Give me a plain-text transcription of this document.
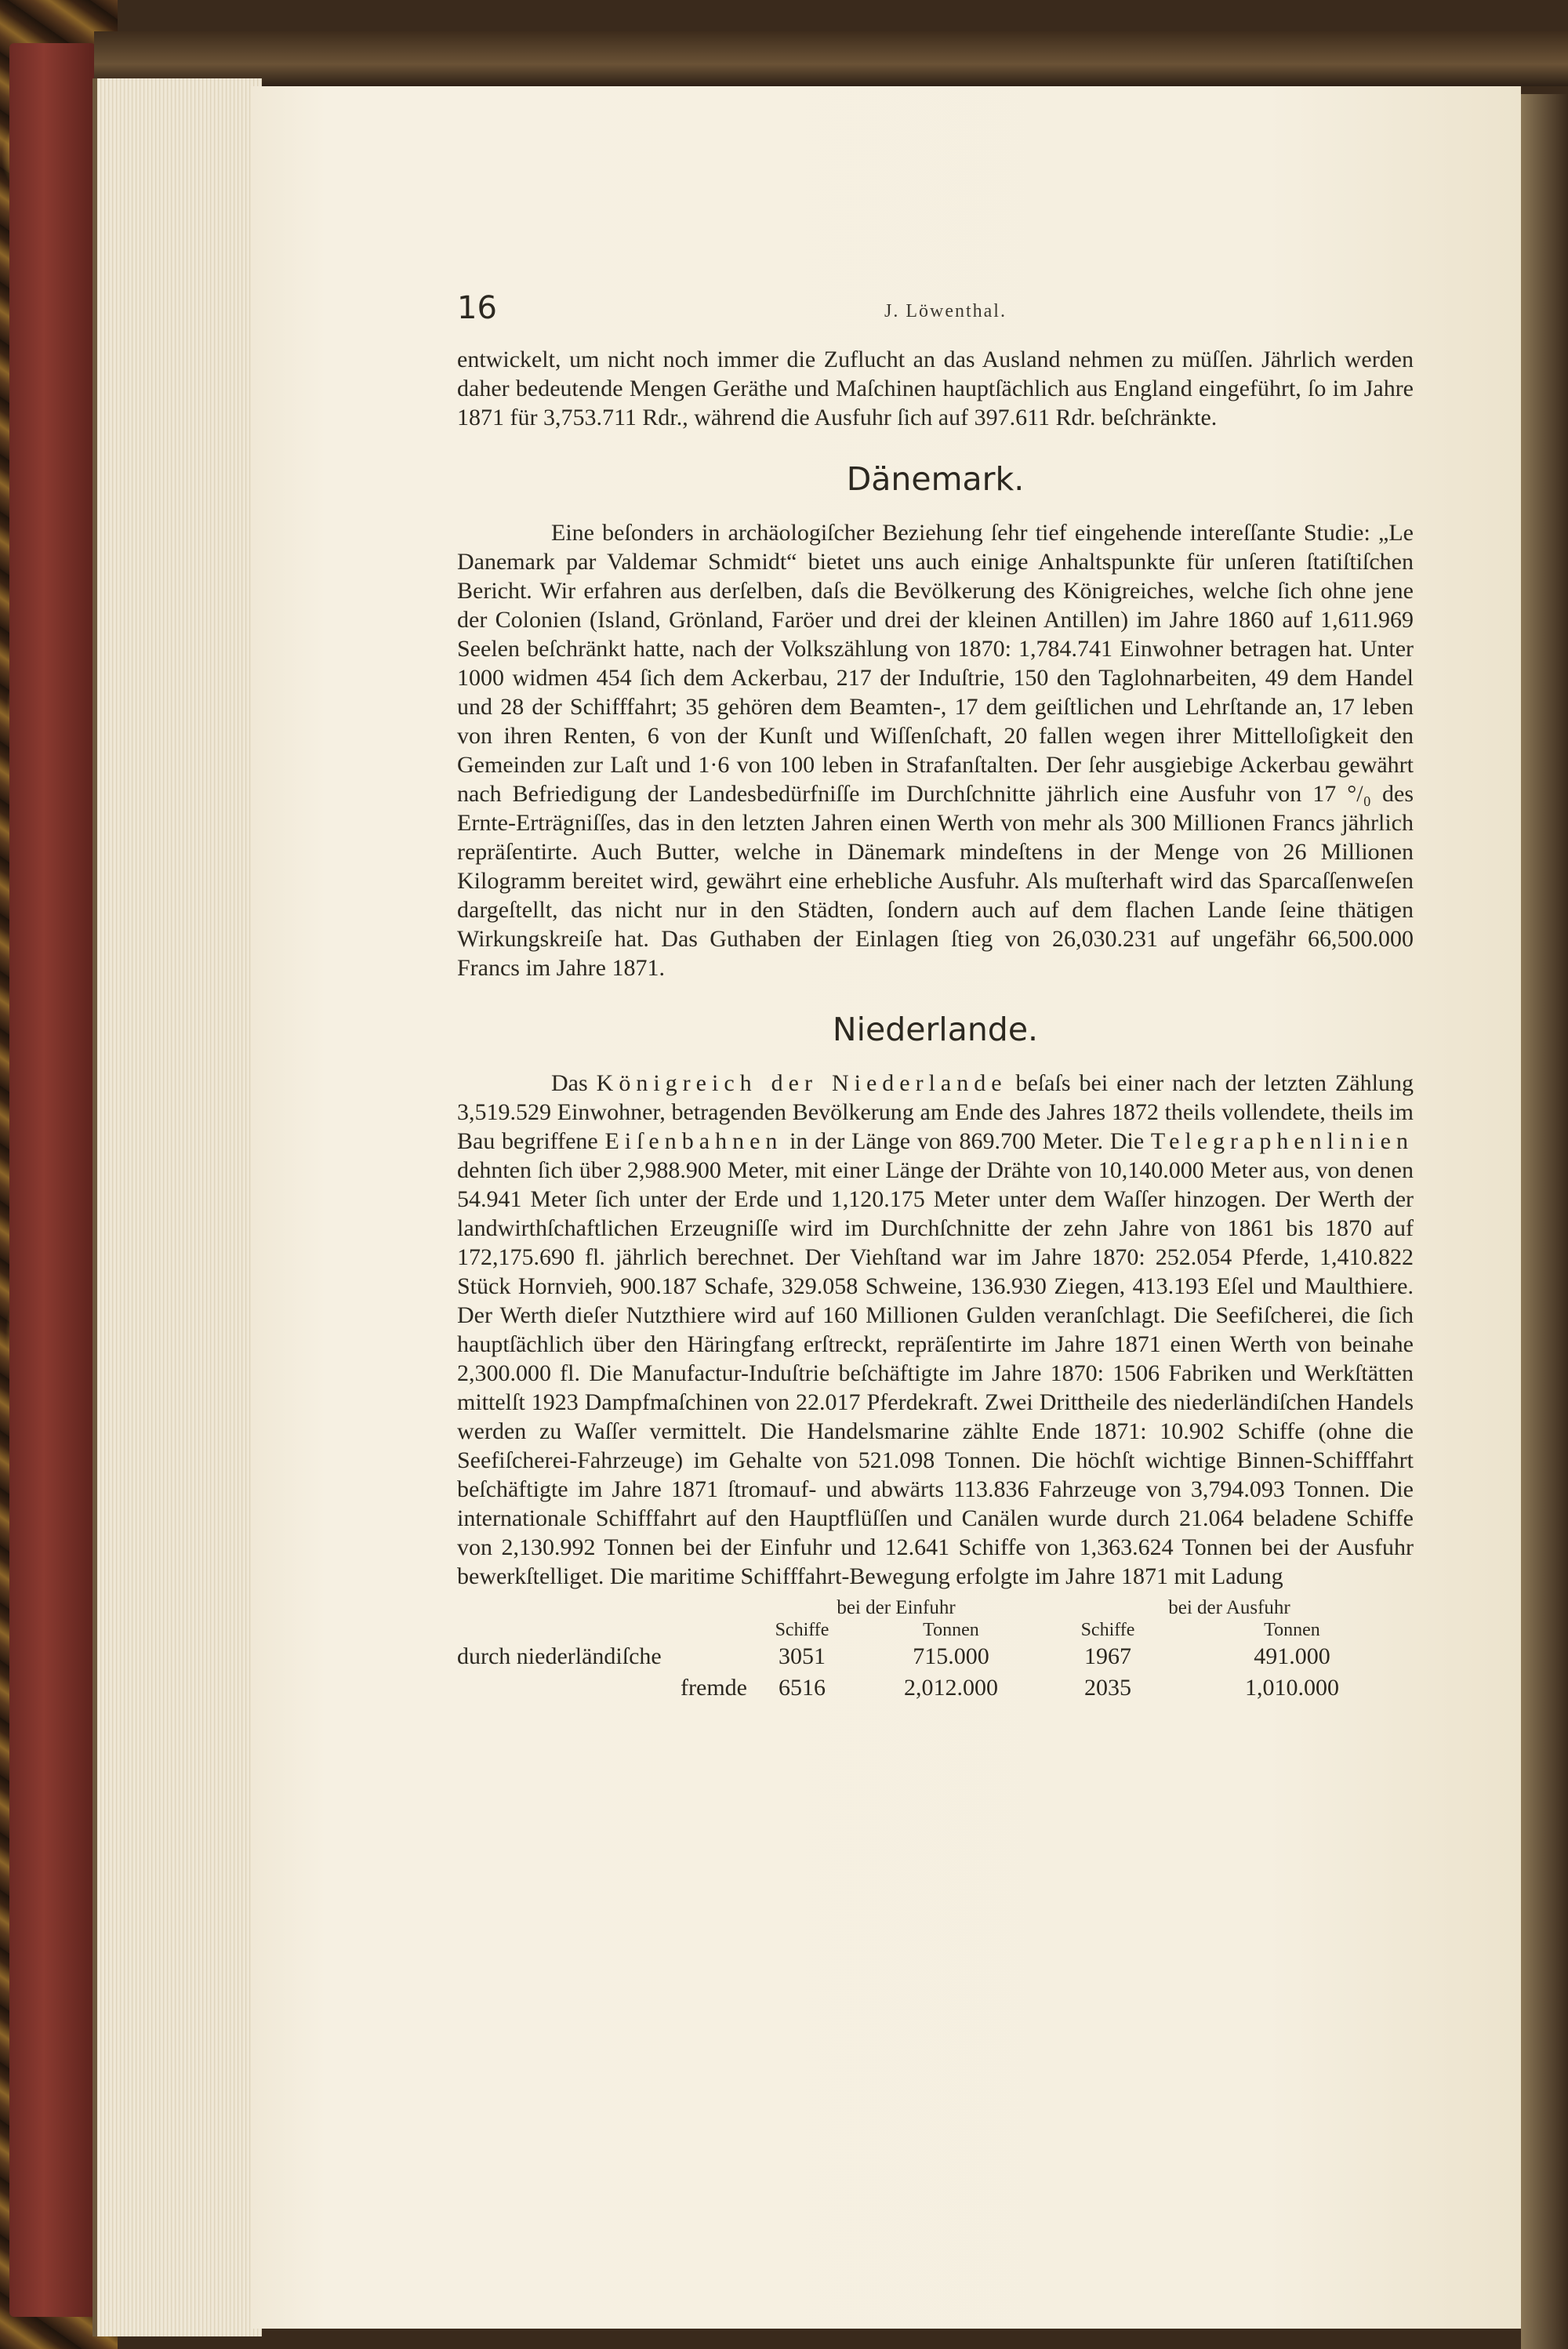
16	J. Löwenthal.

entwickelt, um nicht noch immer die Zuflucht an das Ausland nehmen zu müſſen. Jährlich werden daher bedeutende Mengen Geräthe und Maſchinen hauptſächlich aus England eingeführt, ſo im Jahre 1871 für 3,753.711 Rdr., während die Ausfuhr ſich auf 397.611 Rdr. beſchränkte.

Dänemark.

Eine beſonders in archäologiſcher Beziehung ſehr tief eingehende intereſſante Studie: „Le Danemark par Valdemar Schmidt“ bietet uns auch einige Anhaltspunkte für unſeren ſtatiſtiſchen Bericht. Wir erfahren aus derſelben, daſs die Bevölkerung des Königreiches, welche ſich ohne jene der Colonien (Island, Grönland, Faröer und drei der kleinen Antillen) im Jahre 1860 auf 1,611.969 Seelen beſchränkt hatte, nach der Volkszählung von 1870: 1,784.741 Einwohner betragen hat. Unter 1000 widmen 454 ſich dem Ackerbau, 217 der Induſtrie, 150 den Taglohnarbeiten, 49 dem Handel und 28 der Schifffahrt; 35 gehören dem Beamten-, 17 dem geiſtlichen und Lehrſtande an, 17 leben von ihren Renten, 6 von der Kunſt und Wiſſenſchaft, 20 fallen wegen ihrer Mittelloſigkeit den Gemeinden zur Laſt und 1·6 von 100 leben in Strafanſtalten. Der ſehr ausgiebige Ackerbau gewährt nach Befriedigung der Landesbedürfniſſe im Durchſchnitte jährlich eine Ausfuhr von 17 °/₀ des Ernte-Erträgniſſes, das in den letzten Jahren einen Werth von mehr als 300 Millionen Francs jährlich repräſentirte. Auch Butter, welche in Dänemark mindeſtens in der Menge von 26 Millionen Kilogramm bereitet wird, gewährt eine erhebliche Ausfuhr. Als muſterhaft wird das Sparcaſſenweſen dargeſtellt, das nicht nur in den Städten, ſondern auch auf dem flachen Lande ſeine thätigen Wirkungskreiſe hat. Das Guthaben der Einlagen ſtieg von 26,030.231 auf ungefähr 66,500.000 Francs im Jahre 1871.

Niederlande.

Das Königreich der Niederlande beſaſs bei einer nach der letzten Zählung 3,519.529 Einwohner, betragenden Bevölkerung am Ende des Jahres 1872 theils vollendete, theils im Bau begriffene Eiſenbahnen in der Länge von 869.700 Meter. Die Telegraphenlinien dehnten ſich über 2,988.900 Meter, mit einer Länge der Drähte von 10,140.000 Meter aus, von denen 54.941 Meter ſich unter der Erde und 1,120.175 Meter unter dem Waſſer hinzogen. Der Werth der landwirthſchaftlichen Erzeugniſſe wird im Durchſchnitte der zehn Jahre von 1861 bis 1870 auf 172,175.690 fl. jährlich berechnet. Der Viehſtand war im Jahre 1870: 252.054 Pferde, 1,410.822 Stück Hornvieh, 900.187 Schafe, 329.058 Schweine, 136.930 Ziegen, 413.193 Eſel und Maulthiere. Der Werth dieſer Nutzthiere wird auf 160 Millionen Gulden veranſchlagt. Die Seefiſcherei, die ſich hauptſächlich über den Häringfang erſtreckt, repräſentirte im Jahre 1871 einen Werth von beinahe 2,300.000 fl. Die Manufactur-Induſtrie beſchäftigte im Jahre 1870: 1506 Fabriken und Werkſtätten mittelſt 1923 Dampfmaſchinen von 22.017 Pferdekraft. Zwei Drittheile des niederländiſchen Handels werden zu Waſſer vermittelt. Die Handelsmarine zählte Ende 1871: 10.902 Schiffe (ohne die Seefiſcherei-Fahrzeuge) im Gehalte von 521.098 Tonnen. Die höchſt wichtige Binnen-Schifffahrt beſchäftigte im Jahre 1871 ſtromauf- und abwärts 113.836 Fahrzeuge von 3,794.093 Tonnen. Die internationale Schifffahrt auf den Hauptflüſſen und Canälen wurde durch 21.064 beladene Schiffe von 2,130.992 Tonnen bei der Einfuhr und 12.641 Schiffe von 1,363.624 Tonnen bei der Ausfuhr bewerkſtelliget. Die maritime Schifffahrt-Bewegung erfolgte im Jahre 1871 mit Ladung

	bei der Einfuhr		bei der Ausfuhr	
	Schiffe	Tonnen	Schiffe	Tonnen
durch niederländiſche	3051	715.000	1967	491.000
fremde	6516	2,012.000	2035	1,010.000
